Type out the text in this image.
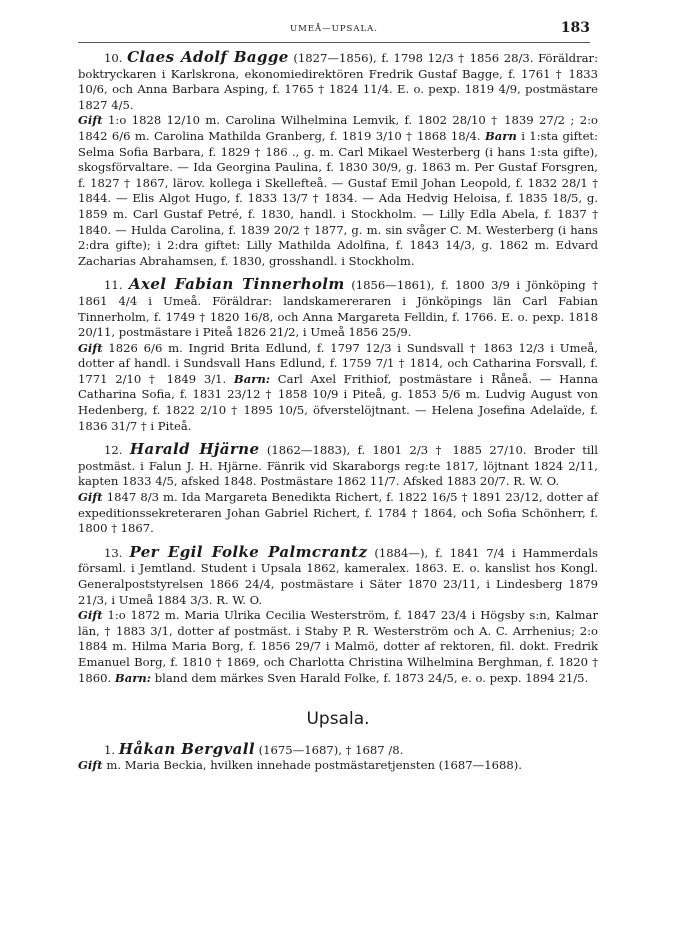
UMEÅ—UPSALA.	183

10. Claes Adolf Bagge (1827—1856), f. 1798 12/3 † 1856 28/3. Föräldrar: boktryckaren i Karlskrona, ekonomiedirektören Fredrik Gustaf Bagge, f. 1761 † 1833 10/6, och Anna Barbara Asping, f. 1765 † 1824 11/4. E. o. pexp. 1819 4/9, postmästare 1827 4/5.

Gift 1:o 1828 12/10 m. Carolina Wilhelmina Lemvik, f. 1802 28/10 † 1839 27/2 ; 2:o 1842 6/6 m. Carolina Mathilda Granberg, f. 1819 3/10 † 1868 18/4. Barn i 1:sta giftet: Selma Sofia Barbara, f. 1829 † 186 ., g. m. Carl Mikael Westerberg (i hans 1:sta gifte), skogsförvaltare. — Ida Georgina Paulina, f. 1830 30/9, g. 1863 m. Per Gustaf Forsgren, f. 1827 † 1867, lärov. kollega i Skellefteå. — Gustaf Emil Johan Leopold, f. 1832 28/1 † 1844. — Elis Algot Hugo, f. 1833 13/7 † 1834. — Ada Hedvig Heloisa, f. 1835 18/5, g. 1859 m. Carl Gustaf Petré, f. 1830, handl. i Stockholm. — Lilly Edla Abela, f. 1837 † 1840. — Hulda Carolina, f. 1839 20/2 † 1877, g. m. sin svåger C. M. Westerberg (i hans 2:dra gifte); i 2:dra giftet: Lilly Mathilda Adolfina, f. 1843 14/3, g. 1862 m. Edvard Zacharias Abrahamsen, f. 1830, grosshandl. i Stockholm.

11. Axel Fabian Tinnerholm (1856—1861), f. 1800 3/9 i Jönköping † 1861 4/4 i Umeå. Föräldrar: landskamereraren i Jönköpings län Carl Fabian Tinnerholm, f. 1749 † 1820 16/8, och Anna Margareta Felldin, f. 1766. E. o. pexp. 1818 20/11, postmästare i Piteå 1826 21/2, i Umeå 1856 25/9.

Gift 1826 6/6 m. Ingrid Brita Edlund, f. 1797 12/3 i Sundsvall † 1863 12/3 i Umeå, dotter af handl. i Sundsvall Hans Edlund, f. 1759 7/1 † 1814, och Catharina Forsvall, f. 1771 2/10 † 1849 3/1. Barn: Carl Axel Frithiof, postmästare i Råneå. — Hanna Catharina Sofia, f. 1831 23/12 † 1858 10/9 i Piteå, g. 1853 5/6 m. Ludvig August von Hedenberg, f. 1822 2/10 † 1895 10/5, öfverstelöjtnant. — Helena Josefina Adelaïde, f. 1836 31/7 † i Piteå.

12. Harald Hjärne (1862—1883), f. 1801 2/3 † 1885 27/10. Broder till postmäst. i Falun J. H. Hjärne. Fänrik vid Skaraborgs reg:te 1817, löjtnant 1824 2/11, kapten 1833 4/5, afsked 1848. Postmästare 1862 11/7. Afsked 1883 20/7. R. W. O.

Gift 1847 8/3 m. Ida Margareta Benedikta Richert, f. 1822 16/5 † 1891 23/12, dotter af expeditionssekreteraren Johan Gabriel Richert, f. 1784 † 1864, och Sofia Schönherr, f. 1800 † 1867.

13. Per Egil Folke Palmcrantz (1884—), f. 1841 7/4 i Hammerdals församl. i Jemtland. Student i Upsala 1862, kameralex. 1863. E. o. kanslist hos Kongl. Generalpoststyrelsen 1866 24/4, postmästare i Säter 1870 23/11, i Lindesberg 1879 21/3, i Umeå 1884 3/3. R. W. O.

Gift 1:o 1872 m. Maria Ulrika Cecilia Westerström, f. 1847 23/4 i Högsby s:n, Kalmar län, † 1883 3/1, dotter af postmäst. i Staby P. R. Westerström och A. C. Arrhenius; 2:o 1884 m. Hilma Maria Borg, f. 1856 29/7 i Malmö, dotter af rektoren, fil. dokt. Fredrik Emanuel Borg, f. 1810 † 1869, och Charlotta Christina Wilhelmina Berghman, f. 1820 † 1860. Barn: bland dem märkes Sven Harald Folke, f. 1873 24/5, e. o. pexp. 1894 21/5.

Upsala.

1. Håkan Bergvall (1675—1687), † 1687 /8.

Gift m. Maria Beckia, hvilken innehade postmästaretjensten (1687—1688).
